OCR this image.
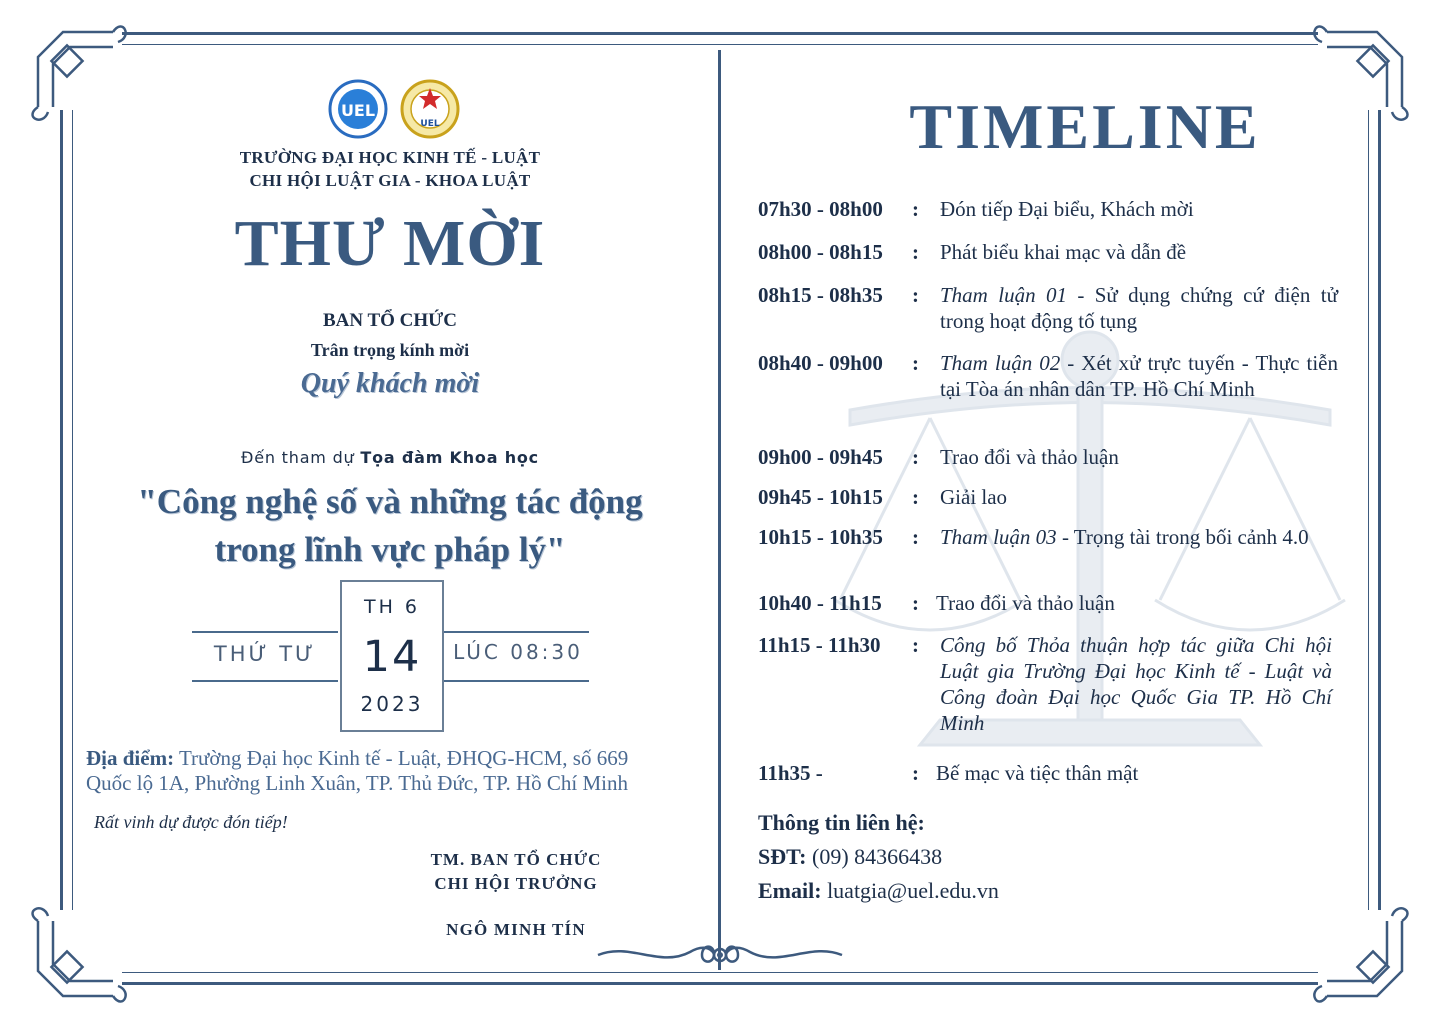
UEL
UEL
TRƯỜNG ĐẠI HỌC KINH TẾ - LUẬT
CHI HỘI LUẬT GIA - KHOA LUẬT
THƯ MỜI
BAN TỔ CHỨC
Trân trọng kính mời
Quý khách mời
Đến tham dự Tọa đàm Khoa học
"Công nghệ số và những tác động
trong lĩnh vực pháp lý"
THỨ TƯ
TH 6
14
2023
LÚC 08:30
Địa điểm: Trường Đại học Kinh tế - Luật, ĐHQG-HCM, số 669
Quốc lộ 1A, Phường Linh Xuân, TP. Thủ Đức, TP. Hồ Chí Minh
Rất vinh dự được đón tiếp!
TM. BAN TỔ CHỨC
CHI HỘI TRƯỞNG
NGÔ MINH TÍN
TIMELINE
07h30 - 08h00 : Đón tiếp Đại biểu, Khách mời
08h00 - 08h15 : Phát biểu khai mạc và dẫn đề
08h15 - 08h35 : Tham luận 01 - Sử dụng chứng cứ điện tử trong hoạt động tố tụng
08h40 - 09h00 : Tham luận 02 - Xét xử trực tuyến - Thực tiễn tại Tòa án nhân dân TP. Hồ Chí Minh
09h00 - 09h45 : Trao đổi và thảo luận
09h45 - 10h15 : Giải lao
10h15 - 10h35 : Tham luận 03 - Trọng tài trong bối cảnh 4.0
10h40 - 11h15 : Trao đổi và thảo luận
11h15 - 11h30 : Công bố Thỏa thuận hợp tác giữa Chi hội Luật gia Trường Đại học Kinh tế - Luật và Công đoàn Đại học Quốc Gia TP. Hồ Chí Minh
11h35 -	: Bế mạc và tiệc thân mật
Thông tin liên hệ:
SĐT: (09) 84366438
Email: luatgia@uel.edu.vn
